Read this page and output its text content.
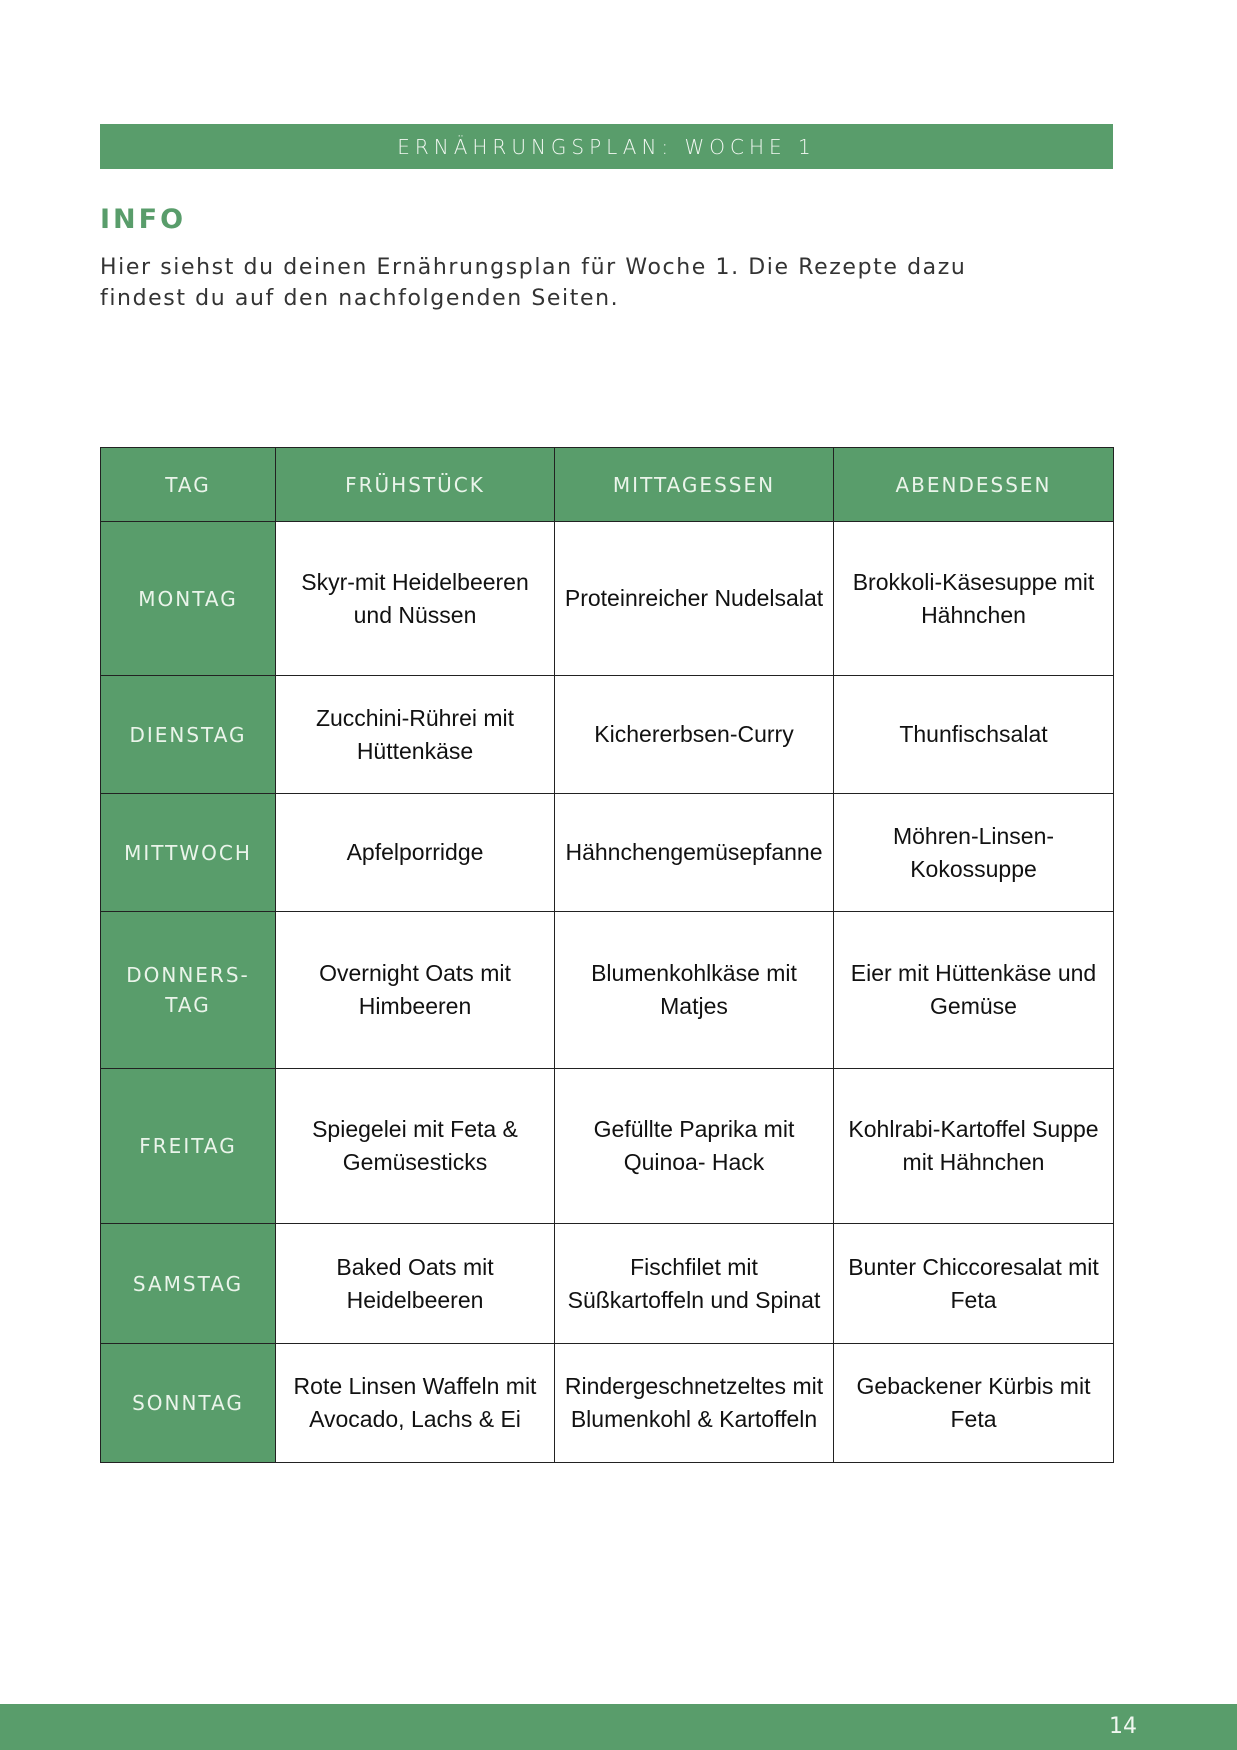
ERNÄHRUNGSPLAN: WOCHE 1
INFO
Hier siehst du deinen Ernährungsplan für Woche 1. Die Rezepte dazu findest du auf den nachfolgenden Seiten.
TAG	FRÜHSTÜCK	MITTAGESSEN	ABENDESSEN
MONTAG	Skyr-mit Heidelbeeren und Nüssen	Proteinreicher Nudelsalat	Brokkoli-Käsesuppe mit Hähnchen
DIENSTAG	Zucchini-Rührei mit Hüttenkäse	Kichererbsen-Curry	Thunfischsalat
MITTWOCH	Apfelporridge	Hähnchengemüsepfanne	Möhren-Linsen-Kokossuppe
DONNERS-TAG	Overnight Oats mit Himbeeren	Blumenkohlkäse mit Matjes	Eier mit Hüttenkäse und Gemüse
FREITAG	Spiegelei mit Feta & Gemüsesticks	Gefüllte Paprika mit Quinoa- Hack	Kohlrabi-Kartoffel Suppe mit Hähnchen
SAMSTAG	Baked Oats mit Heidelbeeren	Fischfilet mit Süßkartoffeln und Spinat	Bunter Chiccoresalat mit Feta
SONNTAG	Rote Linsen Waffeln mit Avocado, Lachs & Ei	Rindergeschnetzeltes mit Blumenkohl & Kartoffeln	Gebackener Kürbis mit Feta
14
